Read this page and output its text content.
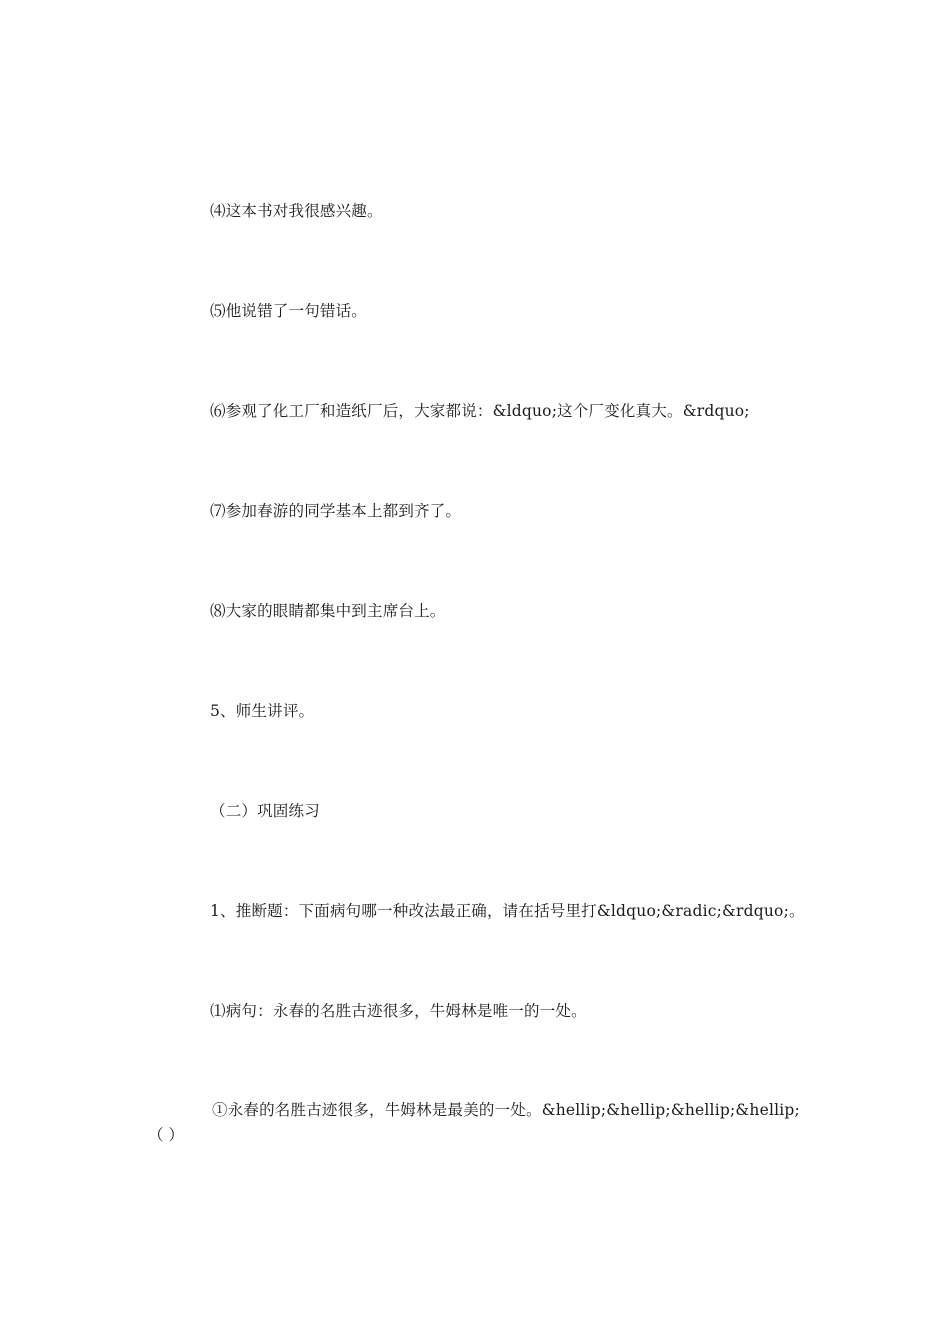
⑷这本书对我很感兴趣。
⑸他说错了一句错话。
⑹参观了化工厂和造纸厂后，大家都说：&ldquo;这个厂变化真大。&rdquo;
⑺参加春游的同学基本上都到齐了。
⑻大家的眼睛都集中到主席台上。
5、师生讲评。
（二）巩固练习
1、推断题：下面病句哪一种改法最正确，请在括号里打&ldquo;&radic;&rdquo;。
⑴病句：永春的名胜古迹很多，牛姆林是唯一的一处。
①永春的名胜古迹很多，牛姆林是最美的一处。&hellip;&hellip;&hellip;&hellip;
（ ）
